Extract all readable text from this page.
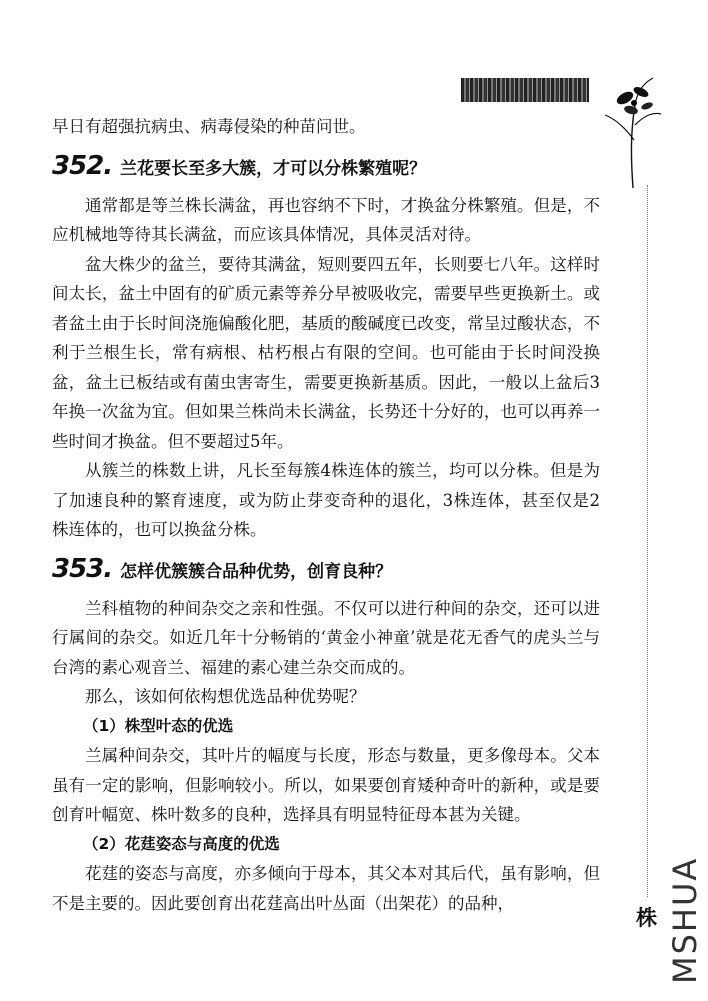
株 MSHUA

早日有超强抗病虫、病毒侵染的种苗问世。

352. 兰花要长至多大簇，才可以分株繁殖呢？

通常都是等兰株长满盆，再也容纳不下时，才换盆分株繁殖。但是，不应机械地等待其长满盆，而应该具体情况，具体灵活对待。

盆大株少的盆兰，要待其满盆，短则要四五年，长则要七八年。这样时间太长，盆土中固有的矿质元素等养分早被吸收完，需要早些更换新土。或者盆土由于长时间浇施偏酸化肥，基质的酸碱度已改变，常呈过酸状态，不利于兰根生长，常有病根、枯朽根占有限的空间。也可能由于长时间没换盆，盆土已板结或有菌虫害寄生，需要更换新基质。因此，一般以上盆后3年换一次盆为宜。但如果兰株尚未长满盆，长势还十分好的，也可以再养一些时间才换盆。但不要超过5年。

从簇兰的株数上讲，凡长至每簇4株连体的簇兰，均可以分株。但是为了加速良种的繁育速度，或为防止芽变奇种的退化，3株连体，甚至仅是2株连体的，也可以换盆分株。

353. 怎样优簇簇合品种优势，创育良种？

兰科植物的种间杂交之亲和性强。不仅可以进行种间的杂交，还可以进行属间的杂交。如近几年十分畅销的‘黄金小神童’就是花无香气的虎头兰与台湾的素心观音兰、福建的素心建兰杂交而成的。

那么，该如何依构想优选品种优势呢？

（1）株型叶态的优选

兰属种间杂交，其叶片的幅度与长度，形态与数量，更多像母本。父本虽有一定的影响，但影响较小。所以，如果要创育矮种奇叶的新种，或是要创育叶幅宽、株叶数多的良种，选择具有明显特征母本甚为关键。

（2）花莛姿态与高度的优选

花莛的姿态与高度，亦多倾向于母本，其父本对其后代，虽有影响，但不是主要的。因此要创育出花莛高出叶丛面（出架花）的品种，
